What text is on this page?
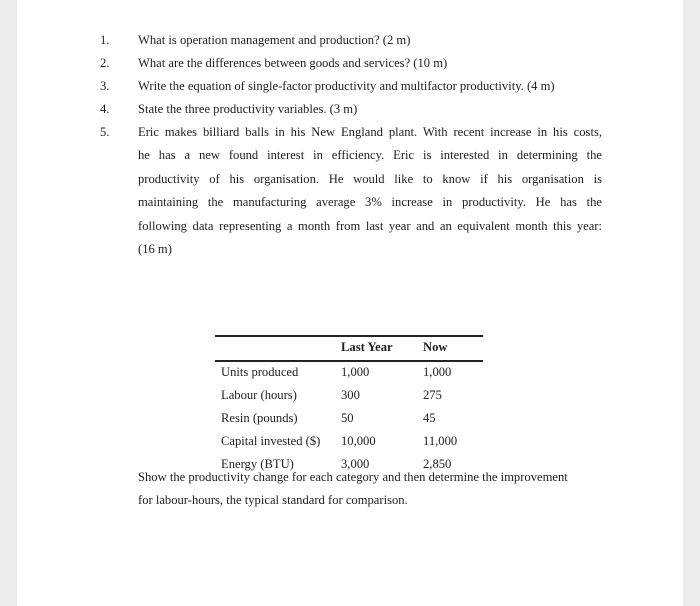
1.	What is operation management and production? (2 m)
2.	What are the differences between goods and services? (10 m)
3.	Write the equation of single-factor productivity and multifactor productivity. (4 m)
4.	State the three productivity variables. (3 m)
5.	Eric makes billiard balls in his New England plant. With recent increase in his costs,
he has a new found interest in efficiency. Eric is interested in determining the
productivity of his organisation. He would like to know if his organisation is
maintaining the manufacturing average 3% increase in productivity. He has the
following data representing a month from last year and an equivalent month this year:
(16 m)
Last Year Now
Units produced	1,000	1,000
Labour (hours)	300	275
Resin (pounds)	50	45
Capital invested ($) 10,000	11,000
Energy (BTU)	3,000	2,850
Show the productivity change for each category and then determine the improvement
for labour-hours, the typical standard for comparison.
